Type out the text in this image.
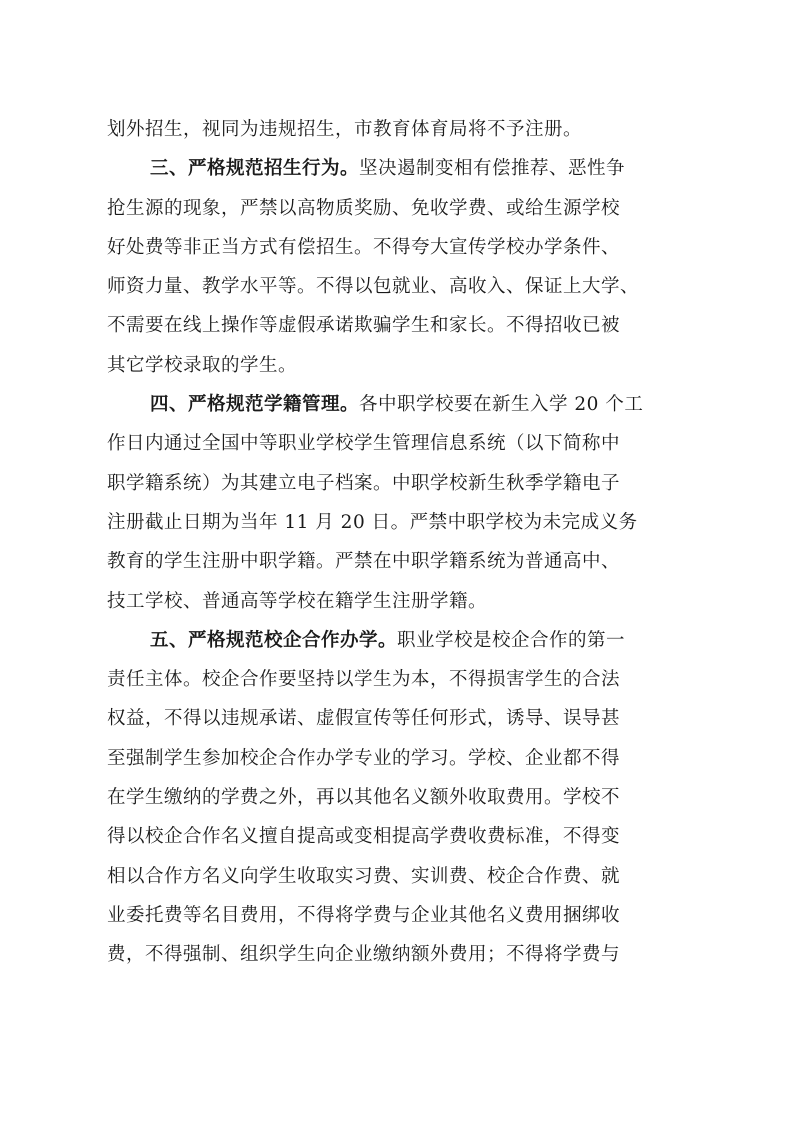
划外招生，视同为违规招生，市教育体育局将不予注册。

三、严格规范招生行为。坚决遏制变相有偿推荐、恶性争
抢生源的现象，严禁以高物质奖励、免收学费、或给生源学校
好处费等非正当方式有偿招生。不得夸大宣传学校办学条件、
师资力量、教学水平等。不得以包就业、高收入、保证上大学、
不需要在线上操作等虚假承诺欺骗学生和家长。不得招收已被
其它学校录取的学生。

四、严格规范学籍管理。各中职学校要在新生入学 20 个工
作日内通过全国中等职业学校学生管理信息系统（以下简称中
职学籍系统）为其建立电子档案。中职学校新生秋季学籍电子
注册截止日期为当年 11 月 20 日。严禁中职学校为未完成义务
教育的学生注册中职学籍。严禁在中职学籍系统为普通高中、
技工学校、普通高等学校在籍学生注册学籍。

五、严格规范校企合作办学。职业学校是校企合作的第一
责任主体。校企合作要坚持以学生为本，不得损害学生的合法
权益，不得以违规承诺、虚假宣传等任何形式，诱导、误导甚
至强制学生参加校企合作办学专业的学习。学校、企业都不得
在学生缴纳的学费之外，再以其他名义额外收取费用。学校不
得以校企合作名义擅自提高或变相提高学费收费标准，不得变
相以合作方名义向学生收取实习费、实训费、校企合作费、就
业委托费等名目费用，不得将学费与企业其他名义费用捆绑收
费，不得强制、组织学生向企业缴纳额外费用；不得将学费与
